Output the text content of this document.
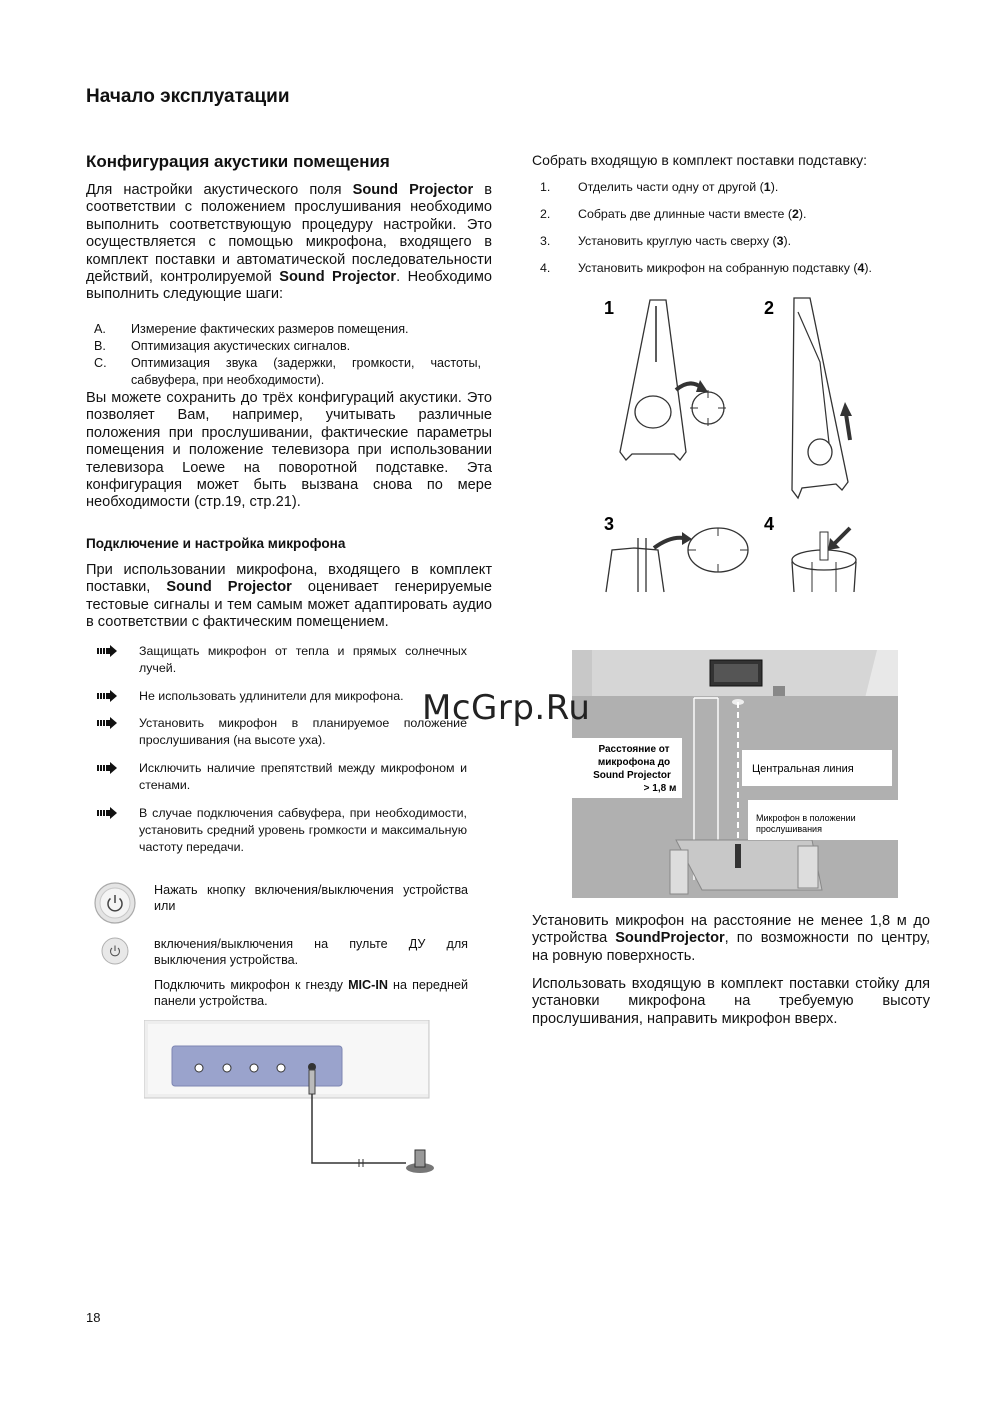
Начало эксплуатации
Конфигурация акустики помещения

Для настройки акустического поля Sound Projector в соответствии с положением прослушивания необходимо выполнить соответствующую процедуру настройки. Это осуществляется с помощью микрофона, входящего в комплект поставки и автоматической последовательности действий, контролируемой Sound Projector. Необходимо выполнить следующие шаги:

A. Измерение фактических размеров помещения.
B. Оптимизация акустических сигналов.
C. Оптимизация звука (задержки, громкости, частоты, сабвуфера, при необходимости).

Вы можете сохранить до трёх конфигураций акустики. Это позволяет Вам, например, учитывать различные положения при прослушивании, фактические параметры помещения и положение телевизора при использовании телевизора Loewe на поворотной подставке. Эта конфигурация может быть вызвана снова по мере необходимости (стр.19, стр.21).

Подключение и настройка микрофона

При использовании микрофона, входящего в комплект поставки, Sound Projector оценивает генерируемые тестовые сигналы и тем самым может адаптировать аудио в соответствии с фактическим помещением.

Защищать микрофон от тепла и прямых солнечных лучей.
Не использовать удлинители для микрофона.
Установить микрофон в планируемое положение прослушивания (на высоте уха).
Исключить наличие препятствий между микрофоном и стенами.
В случае подключения сабвуфера, при необходимости, установить средний уровень громкости и максимальную частоту передачи.

Нажать кнопку включения/выключения устройства или

включения/выключения на пульте ДУ для выключения устройства.

Подключить микрофон к гнезду MIC-IN на передней панели устройства.

18

Собрать входящую в комплект поставки подставку:

1. Отделить части одну от другой (1).
2. Собрать две длинные части вместе (2).
3. Установить круглую часть сверху (3).
4. Установить микрофон на собранную подставку (4).
1	2
3	4
Расстояние от
микрофона до
Sound Projector
> 1,8 м
Центральная линия
Микрофон в положении
прослушивания
McGrp.Ru

Установить микрофон на расстояние не менее 1,8 м до устройства SoundProjector, по возможности по центру, на ровную поверхность.

Использовать входящую в комплект поставки стойку для установки микрофона на требуемую высоту прослушивания, направить микрофон вверх.
